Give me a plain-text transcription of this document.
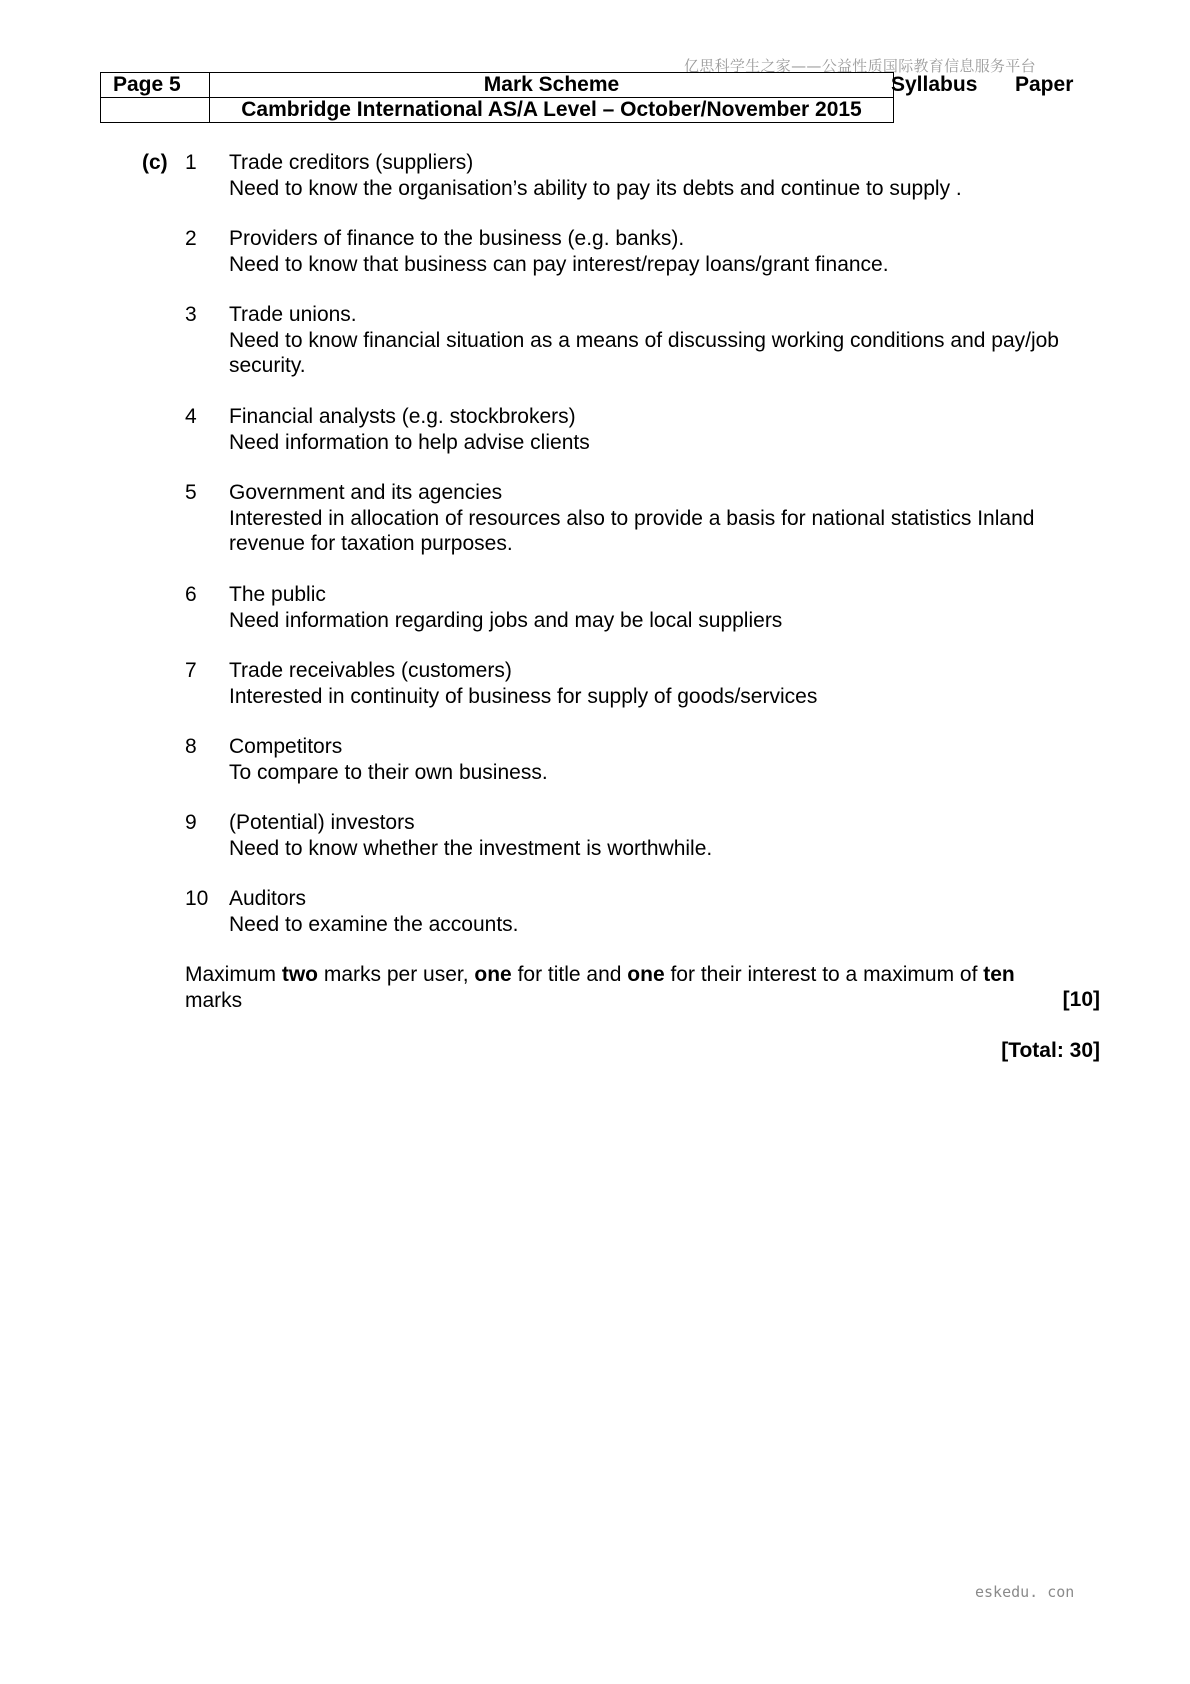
亿思科学生之家——公益性质国际教育信息服务平台
Page 5	Mark Scheme
	Cambridge International AS/A Level – October/November 2015
Syllabus Paper
(c) 1	Trade creditors (suppliers)
Need to know the organisation’s ability to pay its debts and continue to supply .
2	Providers of finance to the business (e.g. banks).
Need to know that business can pay interest/repay loans/grant finance.
3	Trade unions.
Need to know financial situation as a means of discussing working conditions and pay/job security.
4	Financial analysts (e.g. stockbrokers)
Need information to help advise clients
5	Government and its agencies
Interested in allocation of resources also to provide a basis for national statistics Inland revenue for taxation purposes.
6	The public
Need information regarding jobs and may be local suppliers
7	Trade receivables (customers)
Interested in continuity of business for supply of goods/services
8	Competitors
To compare to their own business.
9	(Potential) investors
Need to know whether the investment is worthwhile.
10 Auditors
Need to examine the accounts.
Maximum two marks per user, one for title and one for their interest to a maximum of ten
marks	[10]
[Total: 30]
eskedu. con
